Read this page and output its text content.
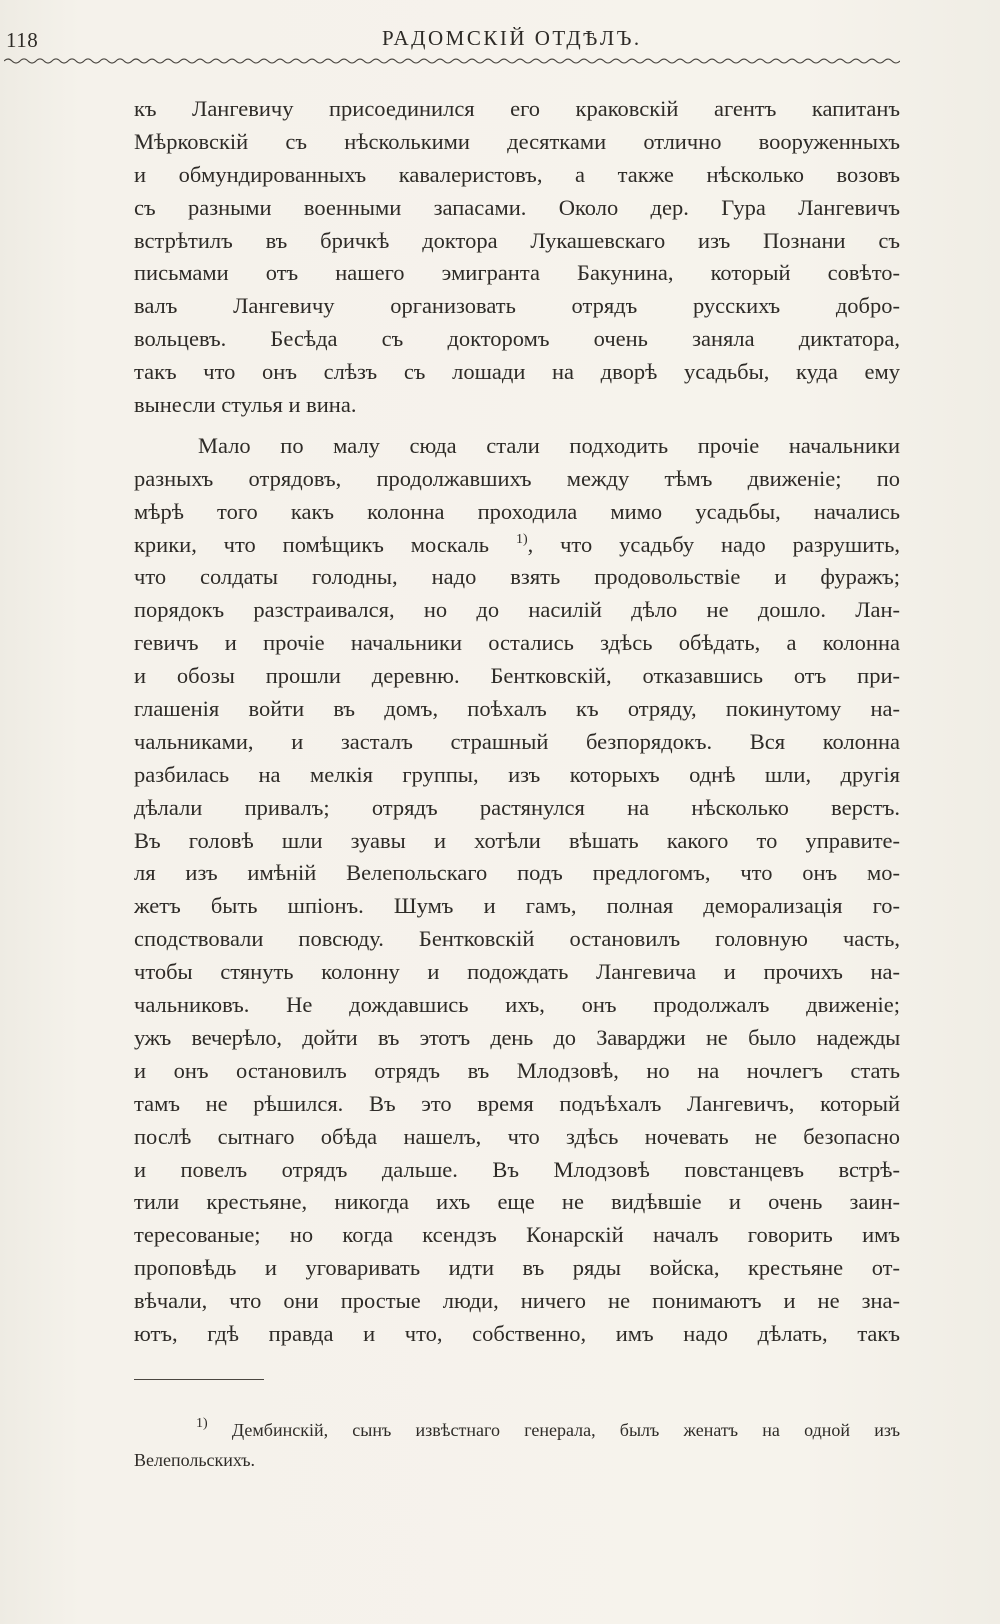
118	РАДОМСКІЙ ОТДѢЛЪ.
къ Лангевичу присоединился его краковскій агентъ капитанъ
Мѣрковскій съ нѣсколькими десятками отлично вооруженныхъ
и обмундированныхъ кавалеристовъ, а также нѣсколько возовъ
съ разными военными запасами. Около дер. Гура Лангевичъ
встрѣтилъ въ бричкѣ доктора Лукашевскаго изъ Познани съ
письмами отъ нашего эмигранта Бакунина, который совѣто-
валъ Лангевичу организовать отрядъ русскихъ добро-
вольцевъ. Бесѣда съ докторомъ очень заняла диктатора,
такъ что онъ слѣзъ съ лошади на дворѣ усадьбы, куда ему
вынесли стулья и вина.
Мало по малу сюда стали подходить прочіе начальники
разныхъ отрядовъ, продолжавшихъ между тѣмъ движеніе; по
мѣрѣ того какъ колонна проходила мимо усадьбы, начались
крики, что помѣщикъ москаль $^{1)}$, что усадьбу надо разрушить,
что солдаты голодны, надо взять продовольствіе и фуражъ;
порядокъ разстраивался, но до насилій дѣло не дошло. Лан-
гевичъ и прочіе начальники остались здѣсь обѣдать, а колонна
и обозы прошли деревню. Бентковскій, отказавшись отъ при-
глашенія войти въ домъ, поѣхалъ къ отряду, покинутому на-
чальниками, и засталъ страшный безпорядокъ. Вся колонна
разбилась на мелкія группы, изъ которыхъ однѣ шли, другія
дѣлали привалъ; отрядъ растянулся на нѣсколько верстъ.
Въ головѣ шли зуавы и хотѣли вѣшать какого то управите-
ля изъ имѣній Велепольскаго подъ предлогомъ, что онъ мо-
жетъ быть шпіонъ. Шумъ и гамъ, полная деморализація го-
сподствовали повсюду. Бентковскій остановилъ головную часть,
чтобы стянуть колонну и подождать Лангевича и прочихъ на-
чальниковъ. Не дождавшись ихъ, онъ продолжалъ движеніе;
ужъ вечерѣло, дойти въ этотъ день до Заварджи не было надежды
и онъ остановилъ отрядъ въ Млодзовѣ, но на ночлегъ стать
тамъ не рѣшился. Въ это время подъѣхалъ Лангевичъ, который
послѣ сытнаго обѣда нашелъ, что здѣсь ночевать не безопасно
и повелъ отрядъ дальше. Въ Млодзовѣ повстанцевъ встрѣ-
тили крестьяне, никогда ихъ еще не видѣвшіе и очень заин-
тересованые; но когда ксендзъ Конарскій началъ говорить имъ
проповѣдь и уговаривать идти въ ряды войска, крестьяне от-
вѣчали, что они простые люди, ничего не понимаютъ и не зна-
ютъ, гдѣ правда и что, собственно, имъ надо дѣлать, такъ
$^{1)}$ Дембинскій, сынъ извѣстнаго генерала, былъ женатъ на одной изъ
Велепольскихъ.
